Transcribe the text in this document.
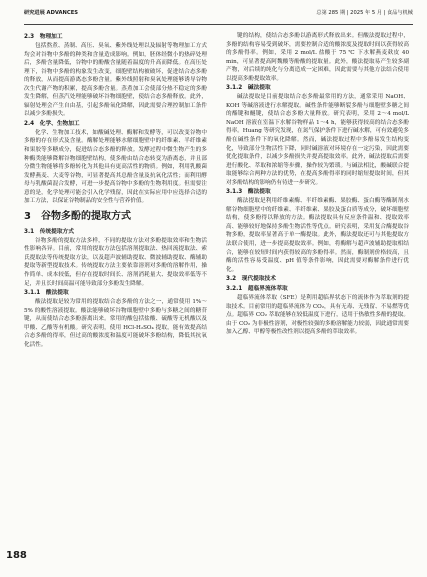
研究进展 ADVANCES	总第 285 期 | 2025 年 5 月 | 食品与机械
2.3　物理加工

包括熬煮、蒸制、高压、臭氧、紫外线处理以及辐射等物理加工方式均会对谷物中多酚的种类和含量造成影响。例如，胚体经微小的热碎处理后，多酚含量降低，谷物中的酚酸含量随着温度的升高而降低。在高压处理下，谷物中多酚的构象发生改变，细胞壁结构被破坏，促进结合态多酚的释放，从而提高游离态多酚含量。紫外线照射和臭氧处理能够诱导谷物次生代谢产物的积累，提高多酚含量。蒸煮加工会使部分热不稳定的多酚发生降解，但蒸汽处理能够破坏谷物细胞壁，使结合态多酚释放。此外，辐射处理会产生自由基，引起多酚氧化降解，因此需要合理控制加工条件以减少多酚损失。

2.4　化学、生物加工

化学、生物加工技术，如酸碱处理、酶解和发酵等，可以改变谷物中多酚的存在形式及含量。酶解处理能够水解细胞壁中的纤维素、半纤维素和果胶等多糖成分，促进结合态多酚的释放。发酵过程中微生物产生的多种酶类能够降解谷物细胞壁结构，使多酚由结合态转变为游离态，并且部分微生物能够将多酚转化为其他具有更高活性的物质。例如，利用乳酸菌发酵燕麦、大麦等谷物，可显著提高其总酚含量及抗氧化活性；而利用酵母与乳酸菌混合发酵，可进一步提高谷物中多酚的生物利用度。但需要注意的是，化学处理可能会引入化学残留，因此在实际应用中应选择合适的加工方法，以保证谷物制品的安全性与营养价值。

3　谷物多酚的提取方式
3.1　传统提取方式

谷物多酚的提取方法多样，不同的提取方法对多酚提取效率和生物活性影响各异。目前，常用的提取方法包括溶剂提取法、热回流提取法、索氏提取法等传统提取方法，以及超声波辅助提取、微波辅助提取、酶辅助提取等新型提取技术。传统提取方法主要依靠溶剂对多酚的溶解作用，操作简单、成本较低，但存在提取时间长、溶剂消耗量大、提取效率低等不足，并且长时间高温可能导致部分多酚发生降解。

3.1.1　酸法提取

酸法提取是较为常用的提取结合态多酚的方法之一，通常使用 1%～5% 的酸性溶液提取。酸法能够破坏谷物细胞壁中多酚与多糖之间的糖苷键，从而使结合态多酚游离出来。常用的酸包括盐酸、硫酸等无机酸以及甲酸、乙酸等有机酸。研究表明，使用 HCl-H₂SO₄ 提取，能有效提高结合态多酚的得率，但过高的酸浓度和温度可能破坏多酚结构，降低其抗氧化活性。

键的结构，使结合态多酚以游离形式释放出来。但酸法提取过程中，多酚的结构容易受到破坏，需要控制合适的酸浓度及提取时间以获得较高的多酚得率。例如，采用 2 mol/L 盐酸于 75 ℃ 下水解燕麦麸皮 40 min，可显著提高阿魏酸等酚酸的提取量。此外，酸法提取易产生较多副产物，对后续的纯化与分离造成一定困难，因此需要与其他方法结合使用以提高多酚提取效率。

3.1.2　碱法提取

碱法提取是目前提取结合态多酚最常用的方法，通常采用 NaOH、KOH 等碱溶液进行水解提取。碱性条件能够断裂多酚与细胞壁多糖之间的酯键和醚键，使结合态多酚大量释放。研究表明，采用 2～4 mol/L NaOH 溶液在室温下水解谷物样品 1～4 h，能够获得较高的结合态多酚得率。Huang 等研究发现，在氮气保护条件下进行碱水解，可有效避免多酚在碱性条件下的氧化降解。然而，碱法提取过程中多酚易发生结构变化，导致部分生物活性下降，同时碱溶液对环境存在一定污染，因此需要优化提取条件，以减少多酚损失并提高提取效率。此外，碱法提取后需要进行酸化、萃取和浓缩等步骤，操作较为繁琐。与碱法相比，酸碱联合提取能够综合两种方法的优势，在提高多酚得率的同时缩短提取时间，但其对多酚结构的影响仍有待进一步研究。

3.1.3　酶法提取

酶法提取是利用纤维素酶、半纤维素酶、果胶酶、蛋白酶等酶制剂水解谷物细胞壁中的纤维素、半纤维素、果胶及蛋白质等成分，破坏细胞壁结构，使多酚得以释放的方法。酶法提取具有反应条件温和、提取效率高、能够较好地保持多酚生物活性等优点。研究表明，采用复合酶提取谷物多酚，提取率显著高于单一酶提取。此外，酶法提取还可与其他提取方法联合使用，进一步提高提取效率。例如，将酶解与超声波辅助提取相结合，能够在较短时间内获得较高的多酚得率。然而，酶制剂价格较高，且酶的活性容易受温度、pH 值等条件影响，因此需要对酶解条件进行优化。

3.2　现代提取技术
3.2.1　超临界流体萃取

超临界流体萃取（SFE）是利用超临界状态下的流体作为萃取剂的提取技术。目前常用的超临界流体为 CO₂，具有无毒、无残留、不易燃等优点。超临界 CO₂ 萃取能够在较低温度下进行，适用于热敏性多酚的提取。由于 CO₂ 为非极性溶剂，对极性较强的多酚溶解能力较弱，因此通常需要加入乙醇、甲醇等极性改性剂以提高多酚的萃取效率。

188
